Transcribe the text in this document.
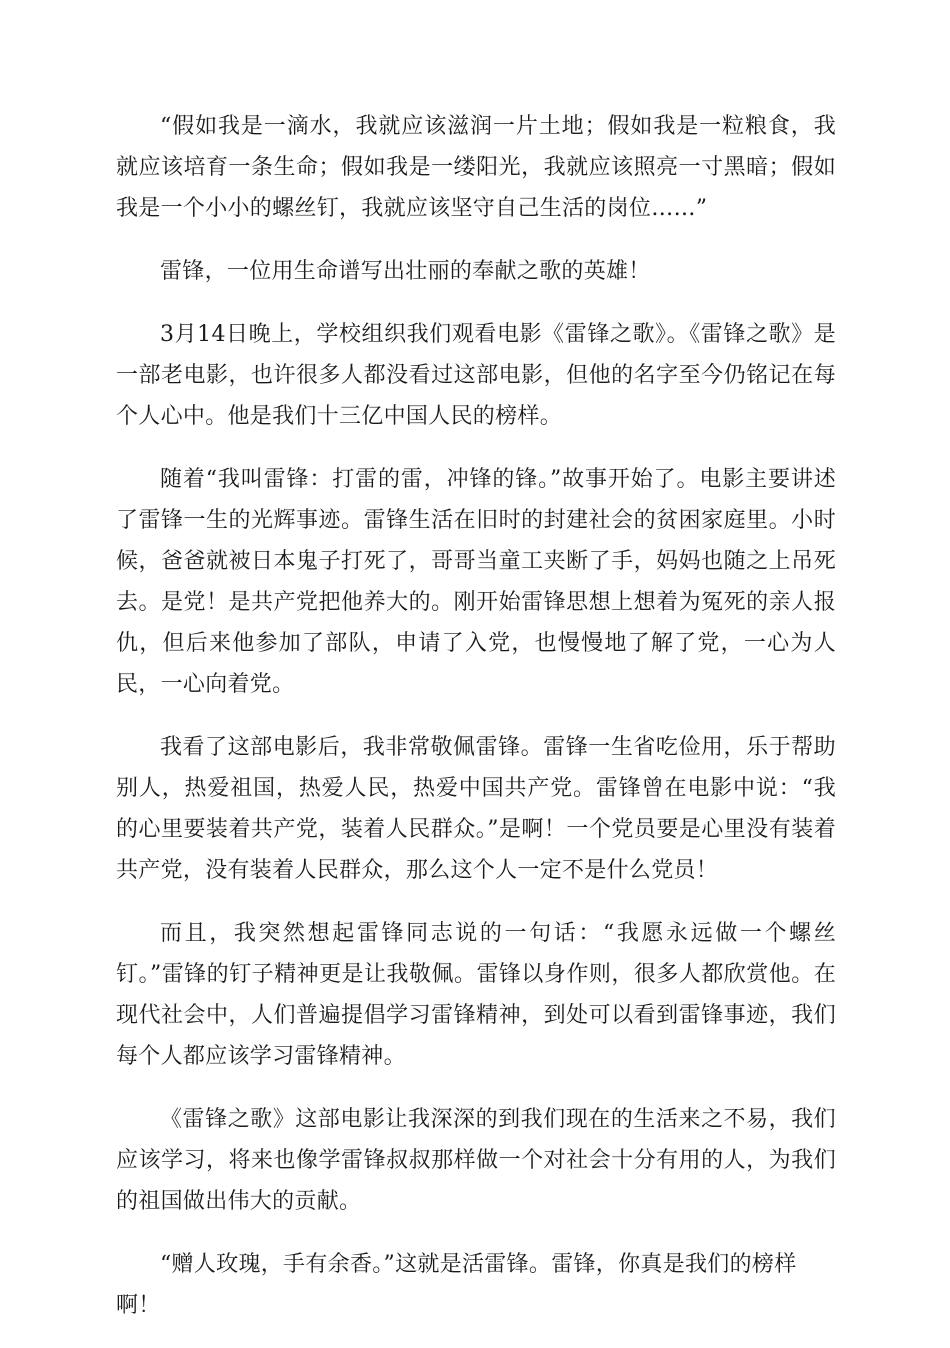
“假如我是一滴水，我就应该滋润一片土地；假如我是一粒粮食，我就应该培育一条生命；假如我是一缕阳光，我就应该照亮一寸黑暗；假如我是一个小小的螺丝钉，我就应该坚守自己生活的岗位……”

雷锋，一位用生命谱写出壮丽的奉献之歌的英雄！

3月14日晚上，学校组织我们观看电影《雷锋之歌》。《雷锋之歌》是一部老电影，也许很多人都没看过这部电影，但他的名字至今仍铭记在每个人心中。他是我们十三亿中国人民的榜样。

随着“我叫雷锋：打雷的雷，冲锋的锋。”故事开始了。电影主要讲述了雷锋一生的光辉事迹。雷锋生活在旧时的封建社会的贫困家庭里。小时候，爸爸就被日本鬼子打死了，哥哥当童工夹断了手，妈妈也随之上吊死去。是党！是共产党把他养大的。刚开始雷锋思想上想着为冤死的亲人报仇，但后来他参加了部队，申请了入党，也慢慢地了解了党，一心为人民，一心向着党。

我看了这部电影后，我非常敬佩雷锋。雷锋一生省吃俭用，乐于帮助别人，热爱祖国，热爱人民，热爱中国共产党。雷锋曾在电影中说：“我的心里要装着共产党，装着人民群众。”是啊！一个党员要是心里没有装着共产党，没有装着人民群众，那么这个人一定不是什么党员！

而且，我突然想起雷锋同志说的一句话：“我愿永远做一个螺丝钉。”雷锋的钉子精神更是让我敬佩。雷锋以身作则，很多人都欣赏他。在现代社会中，人们普遍提倡学习雷锋精神，到处可以看到雷锋事迹，我们每个人都应该学习雷锋精神。

《雷锋之歌》这部电影让我深深的到我们现在的生活来之不易，我们应该学习，将来也像学雷锋叔叔那样做一个对社会十分有用的人，为我们的祖国做出伟大的贡献。

“赠人玫瑰，手有余香。”这就是活雷锋。雷锋，你真是我们的榜样啊！
